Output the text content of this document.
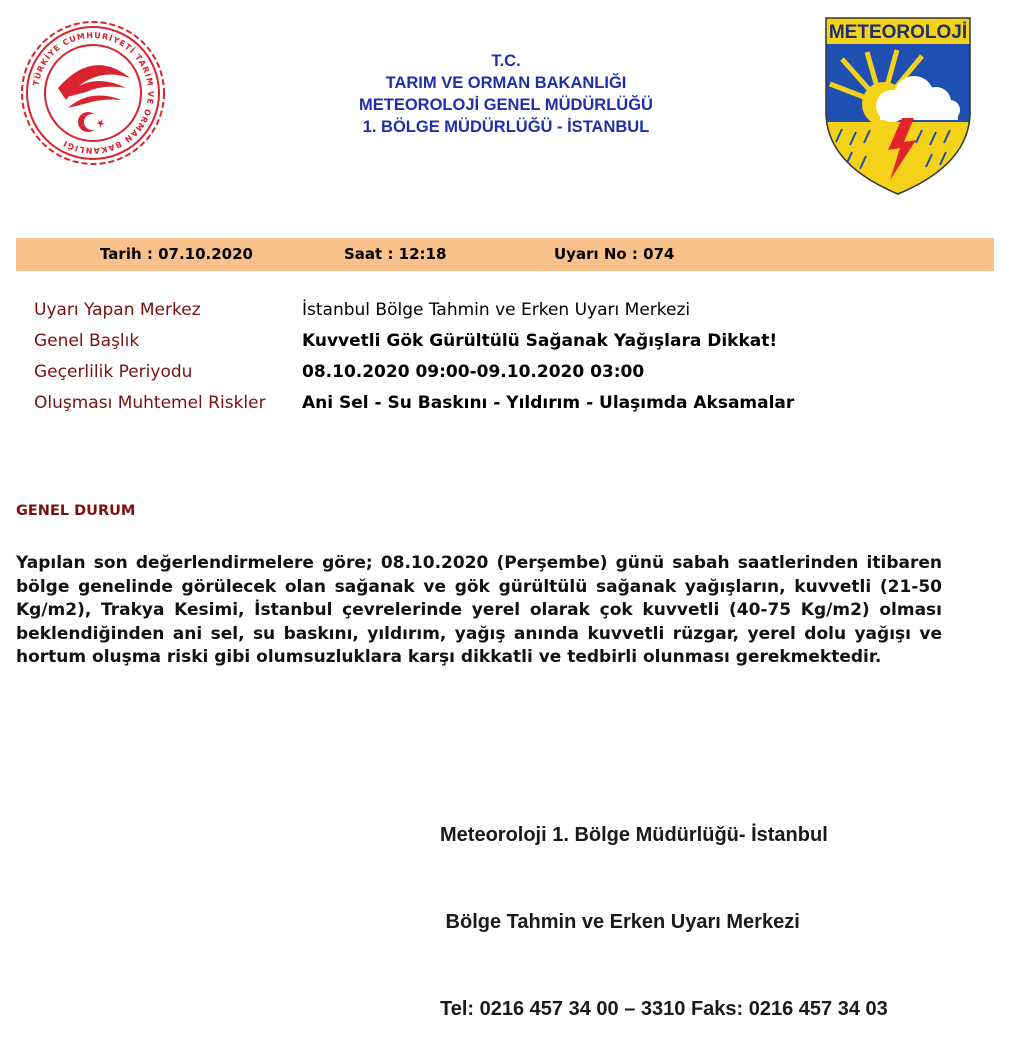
TÜRKİYE CUMHURİYETİ TARIM VE ORMAN BAKANLIĞI
METEOROLOJİ
T.C.
TARIM VE ORMAN BAKANLIĞI
METEOROLOJİ GENEL MÜDÜRLÜĞÜ
1. BÖLGE MÜDÜRLÜĞÜ - İSTANBUL
Tarih : 07.10.2020	Saat : 12:18	Uyarı No : 074
Uyarı Yapan Merkez	İstanbul Bölge Tahmin ve Erken Uyarı Merkezi
Genel Başlık	Kuvvetli Gök Gürültülü Sağanak Yağışlara Dikkat!
Geçerlilik Periyodu	08.10.2020 09:00-09.10.2020 03:00
Oluşması Muhtemel Riskler	Ani Sel - Su Baskını - Yıldırım - Ulaşımda Aksamalar
GENEL DURUM
Yapılan son değerlendirmelere göre; 08.10.2020 (Perşembe) günü sabah saatlerinden itibaren bölge genelinde görülecek olan sağanak ve gök gürültülü sağanak yağışların, kuvvetli (21-50 Kg/m2), Trakya Kesimi, İstanbul çevrelerinde yerel olarak çok kuvvetli (40-75 Kg/m2) olması beklendiğinden ani sel, su baskını, yıldırım, yağış anında kuvvetli rüzgar, yerel dolu yağışı ve hortum oluşma riski gibi olumsuzluklara karşı dikkatli ve tedbirli olunması gerekmektedir.

Meteoroloji 1. Bölge Müdürlüğü- İstanbul

Bölge Tahmin ve Erken Uyarı Merkezi

Tel: 0216 457 34 00 – 3310 Faks: 0216 457 34 03
